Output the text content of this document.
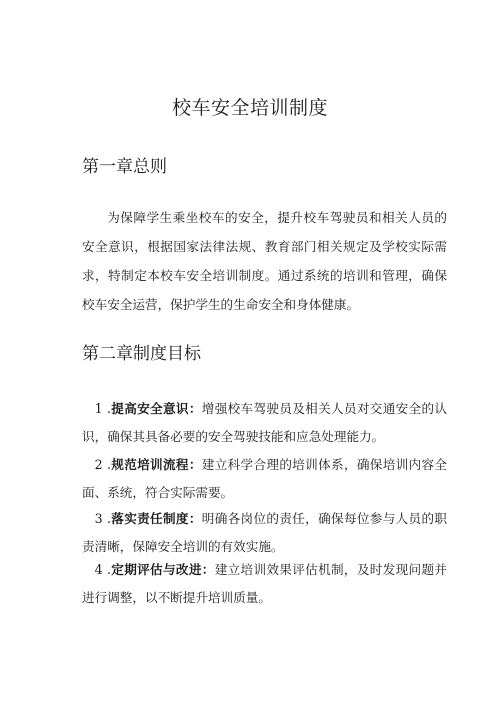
校车安全培训制度
第一章总则
为保障学生乘坐校车的安全，提升校车驾驶员和相关人员的安全意识，根据国家法律法规、教育部门相关规定及学校实际需求，特制定本校车安全培训制度。通过系统的培训和管理，确保校车安全运营，保护学生的生命安全和身体健康。
第二章制度目标
1 .提高安全意识：增强校车驾驶员及相关人员对交通安全的认识，确保其具备必要的安全驾驶技能和应急处理能力。
2 .规范培训流程：建立科学合理的培训体系，确保培训内容全面、系统，符合实际需要。
3 .落实责任制度：明确各岗位的责任，确保每位参与人员的职责清晰，保障安全培训的有效实施。
4 .定期评估与改进：建立培训效果评估机制，及时发现问题并进行调整，以不断提升培训质量。
